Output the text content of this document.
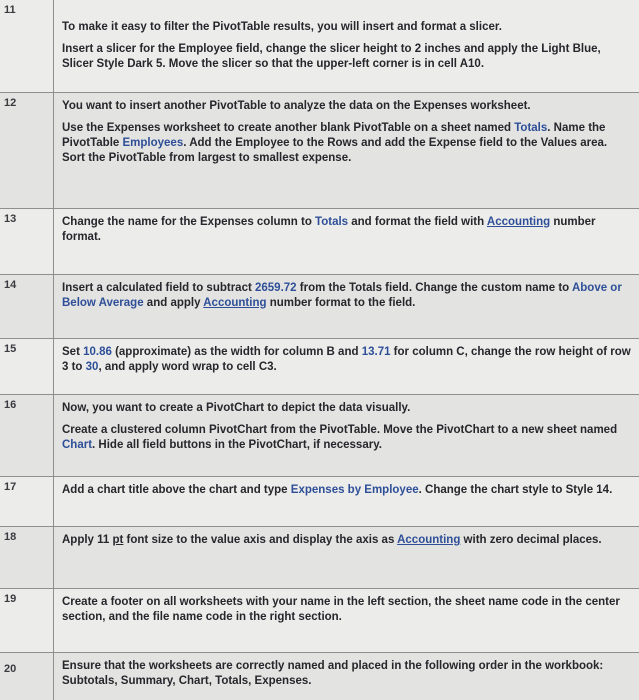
11

To make it easy to filter the PivotTable results, you will insert and format a slicer.

Insert a slicer for the Employee field, change the slicer height to 2 inches and apply the Light Blue, Slicer Style Dark 5. Move the slicer so that the upper-left corner is in cell A10.

12	You want to insert another PivotTable to analyze the data on the Expenses worksheet.

Use the Expenses worksheet to create another blank PivotTable on a sheet named Totals. Name the PivotTable Employees. Add the Employee to the Rows and add the Expense field to the Values area. Sort the PivotTable from largest to smallest expense.

13	Change the name for the Expenses column to Totals and format the field with Accounting number format.

14	Insert a calculated field to subtract 2659.72 from the Totals field. Change the custom name to Above or Below Average and apply Accounting number format to the field.

15	Set 10.86 (approximate) as the width for column B and 13.71 for column C, change the row height of row 3 to 30, and apply word wrap to cell C3.

16	Now, you want to create a PivotChart to depict the data visually.

Create a clustered column PivotChart from the PivotTable. Move the PivotChart to a new sheet named Chart. Hide all field buttons in the PivotChart, if necessary.

17	Add a chart title above the chart and type Expenses by Employee. Change the chart style to Style 14.

18	Apply 11 pt font size to the value axis and display the axis as Accounting with zero decimal places.

19	Create a footer on all worksheets with your name in the left section, the sheet name code in the center section, and the file name code in the right section.

20	Ensure that the worksheets are correctly named and placed in the following order in the workbook: Subtotals, Summary, Chart, Totals, Expenses.
